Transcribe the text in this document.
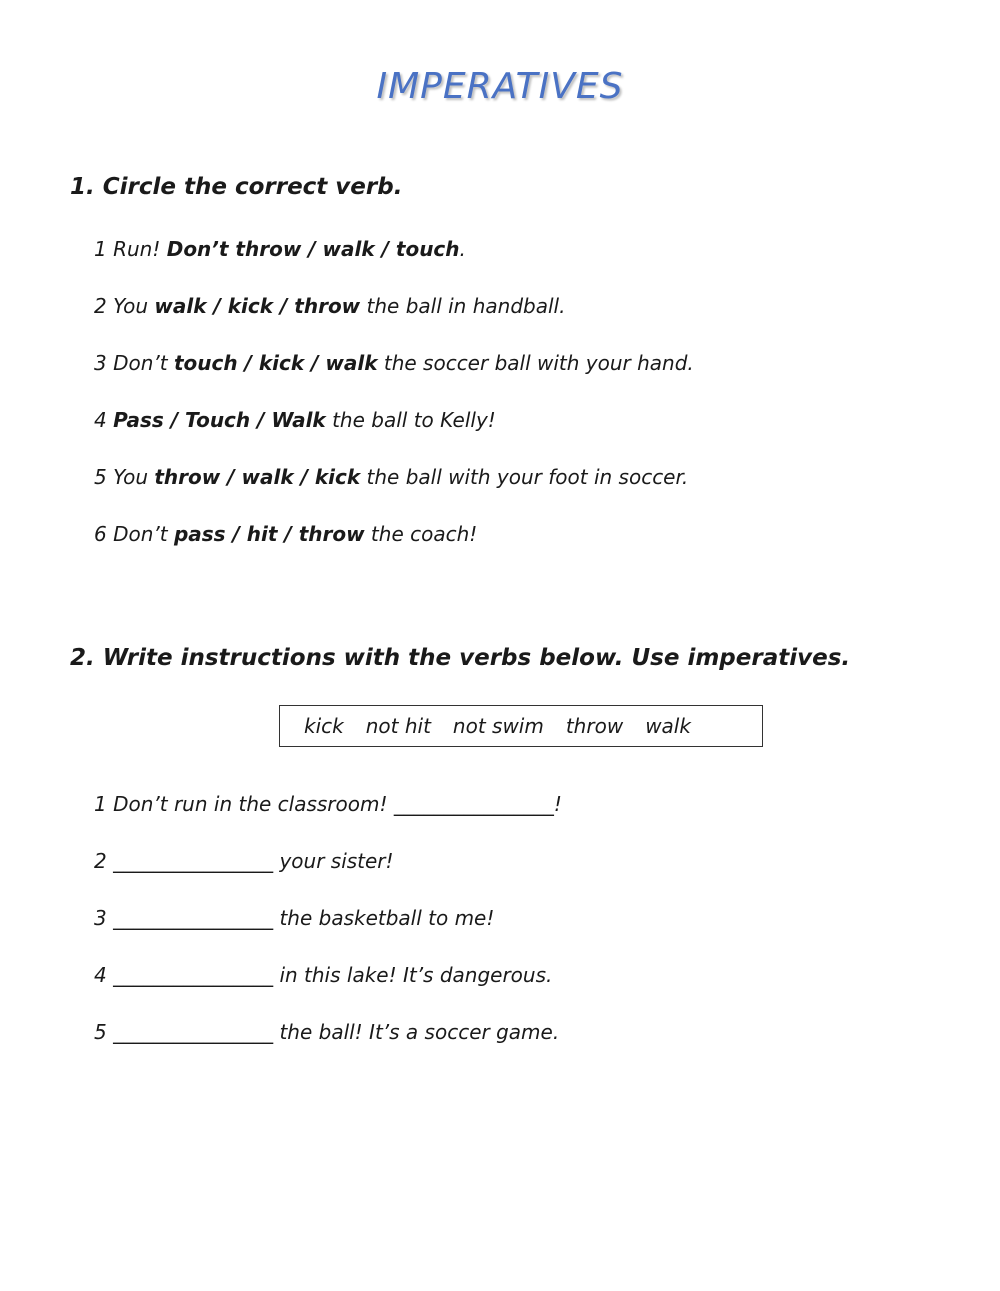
IMPERATIVES
1. Circle the correct verb.
1 Run! Don’t throw / walk / touch.
2 You walk / kick / throw the ball in handball.
3 Don’t touch / kick / walk the soccer ball with your hand.
4 Pass / Touch / Walk the ball to Kelly!
5 You throw / walk / kick the ball with your foot in soccer.
6 Don’t pass / hit / throw the coach!
2. Write instructions with the verbs below. Use imperatives.
kick not hit not swim throw walk
1 Don’t run in the classroom! ________________!
2 ________________ your sister!
3 ________________ the basketball to me!
4 ________________ in this lake! It’s dangerous.
5 ________________ the ball! It’s a soccer game.
